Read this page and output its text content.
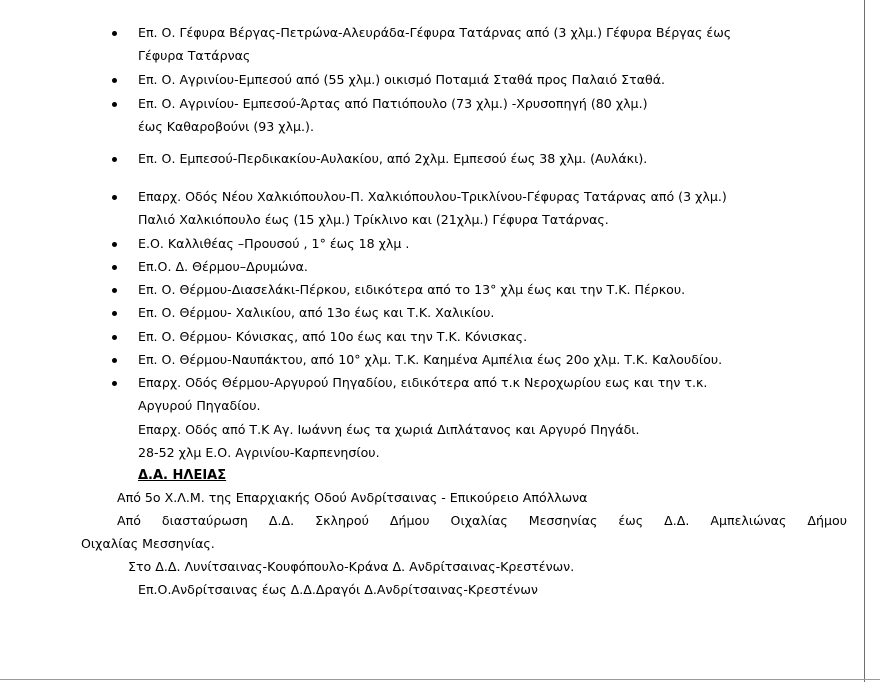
Επ. Ο. Γέφυρα Βέργας-Πετρώνα-Αλευράδα-Γέφυρα Τατάρνας από (3 χλμ.) Γέφυρα Βέργας έως
Γέφυρα Τατάρνας
Επ. Ο. Αγρινίου-Εμπεσού από (55 χλμ.) οικισμό Ποταμιά Σταθά προς Παλαιό Σταθά.
Επ. Ο. Αγρινίου- Εμπεσού-Άρτας από Πατιόπουλο (73 χλμ.) -Χρυσοπηγή (80 χλμ.)
έως Καθαροβούνι (93 χλμ.).
Επ. Ο. Εμπεσού-Περδικακίου-Αυλακίου, από 2χλμ. Εμπεσού έως 38 χλμ. (Αυλάκι).
Επαρχ. Οδός Νέου Χαλκιόπουλου-Π. Χαλκιόπουλου-Τρικλίνου-Γέφυρας Τατάρνας από (3 χλμ.)
Παλιό Χαλκιόπουλο έως (15 χλμ.) Τρίκλινο και (21χλμ.) Γέφυρα Τατάρνας.
Ε.Ο. Καλλιθέας –Προυσού , 1° έως 18 χλμ .
Επ.Ο. Δ. Θέρμου–Δρυμώνα.
Επ. Ο. Θέρμου-Διασελάκι-Πέρκου, ειδικότερα από το 13° χλμ έως και την Τ.Κ. Πέρκου.
Επ. Ο. Θέρμου- Χαλικίου, από 13ο έως και Τ.Κ. Χαλικίου.
Επ. Ο. Θέρμου- Κόνισκας, από 10ο έως και την Τ.Κ. Κόνισκας.
Επ. Ο. Θέρμου-Ναυπάκτου, από 10° χλμ. Τ.Κ. Καημένα Αμπέλια έως 20ο χλμ. Τ.Κ. Καλουδίου.
Επαρχ. Οδός Θέρμου-Αργυρού Πηγαδίου, ειδικότερα από τ.κ Νεροχωρίου εως και την τ.κ.
Αργυρού Πηγαδίου.
Επαρχ. Οδός από Τ.Κ Αγ. Ιωάννη έως τα χωριά Διπλάτανος και Αργυρό Πηγάδι.
28-52 χλμ Ε.Ο. Αγρινίου-Καρπενησίου.
Δ.Α. ΗΛΕΙΑΣ
Από 5ο Χ.Λ.Μ. της Επαρχιακής Οδού Ανδρίτσαινας - Επικούρειο Απόλλωνα
Από διασταύρωση Δ.Δ. Σκληρού Δήμου Οιχαλίας Μεσσηνίας έως Δ.Δ. Αμπελιώνας Δήμου
Οιχαλίας Μεσσηνίας.
Στο Δ.Δ. Λυνίτσαινας-Κουφόπουλο-Κράνα Δ. Ανδρίτσαινας-Κρεστένων.
Επ.Ο.Ανδρίτσαινας έως Δ.Δ.Δραγόι Δ.Ανδρίτσαινας-Κρεστένων
